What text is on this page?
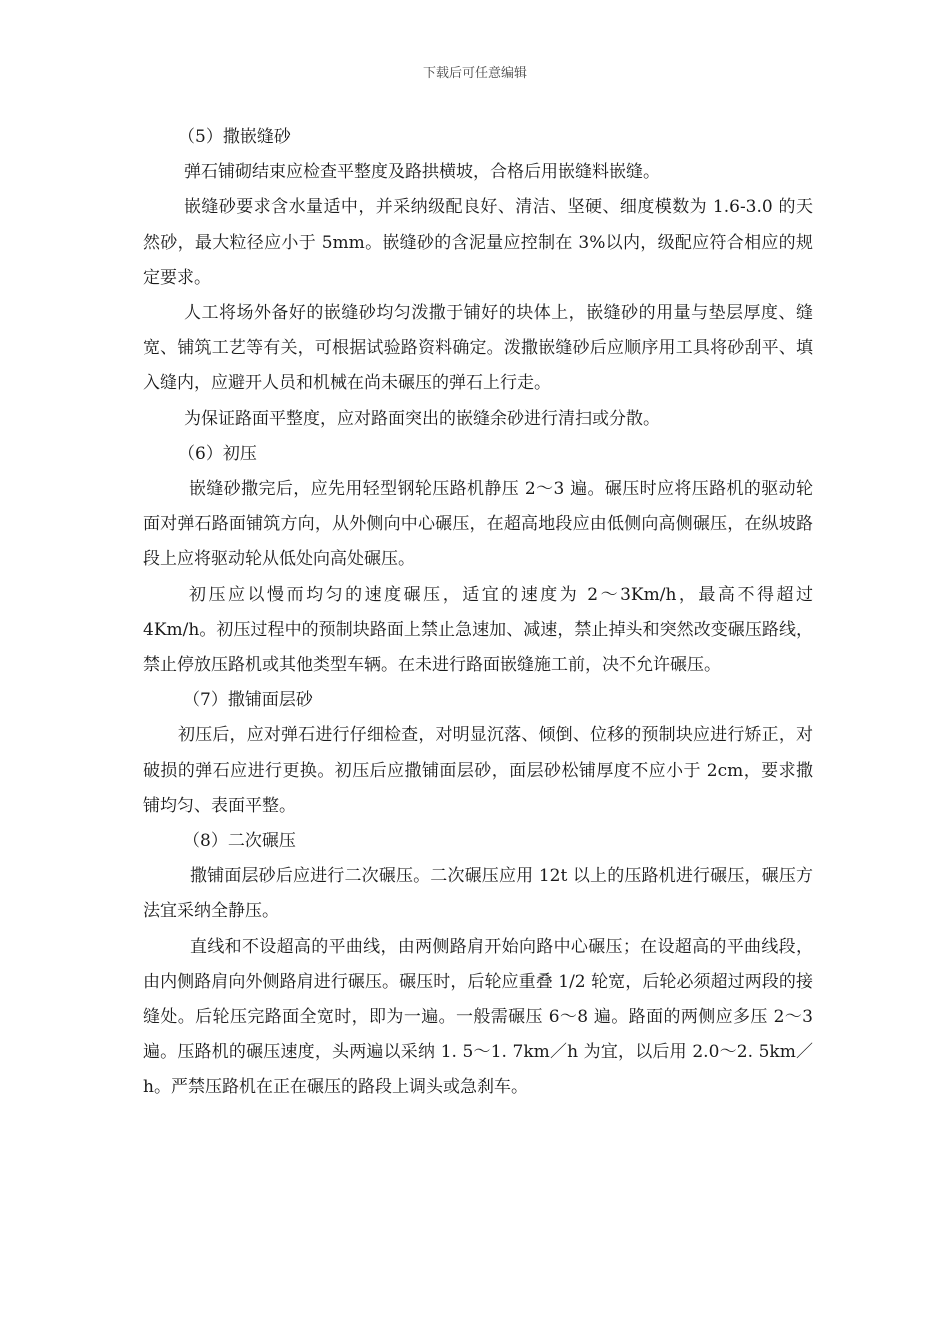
下载后可任意编辑

（5）撒嵌缝砂

弹石铺砌结束应检查平整度及路拱横坡，合格后用嵌缝料嵌缝。

嵌缝砂要求含水量适中，并采纳级配良好、清洁、坚硬、细度模数为 1.6-3.0 的天然砂，最大粒径应小于 5mm。嵌缝砂的含泥量应控制在 3%以内，级配应符合相应的规定要求。

人工将场外备好的嵌缝砂均匀泼撒于铺好的块体上，嵌缝砂的用量与垫层厚度、缝宽、铺筑工艺等有关，可根据试验路资料确定。泼撒嵌缝砂后应顺序用工具将砂刮平、填入缝内，应避开人员和机械在尚未碾压的弹石上行走。

为保证路面平整度，应对路面突出的嵌缝余砂进行清扫或分散。

（6）初压

嵌缝砂撒完后，应先用轻型钢轮压路机静压 2～3 遍。碾压时应将压路机的驱动轮面对弹石路面铺筑方向，从外侧向中心碾压，在超高地段应由低侧向高侧碾压，在纵坡路段上应将驱动轮从低处向高处碾压。

初压应以慢而均匀的速度碾压，适宜的速度为 2～3Km/h，最高不得超过 4Km/h。初压过程中的预制块路面上禁止急速加、减速，禁止掉头和突然改变碾压路线，禁止停放压路机或其他类型车辆。在未进行路面嵌缝施工前，决不允许碾压。

（7）撒铺面层砂

初压后，应对弹石进行仔细检查，对明显沉落、倾倒、位移的预制块应进行矫正，对破损的弹石应进行更换。初压后应撒铺面层砂，面层砂松铺厚度不应小于 2cm，要求撒铺均匀、表面平整。

（8）二次碾压

撒铺面层砂后应进行二次碾压。二次碾压应用 12t 以上的压路机进行碾压，碾压方法宜采纳全静压。

直线和不设超高的平曲线，由两侧路肩开始向路中心碾压；在设超高的平曲线段，由内侧路肩向外侧路肩进行碾压。碾压时，后轮应重叠 1/2 轮宽，后轮必须超过两段的接缝处。后轮压完路面全宽时，即为一遍。一般需碾压 6～8 遍。路面的两侧应多压 2～3 遍。压路机的碾压速度，头两遍以采纳 1. 5～1. 7km／h 为宜，以后用 2.0～2. 5km／h。严禁压路机在正在碾压的路段上调头或急刹车。
